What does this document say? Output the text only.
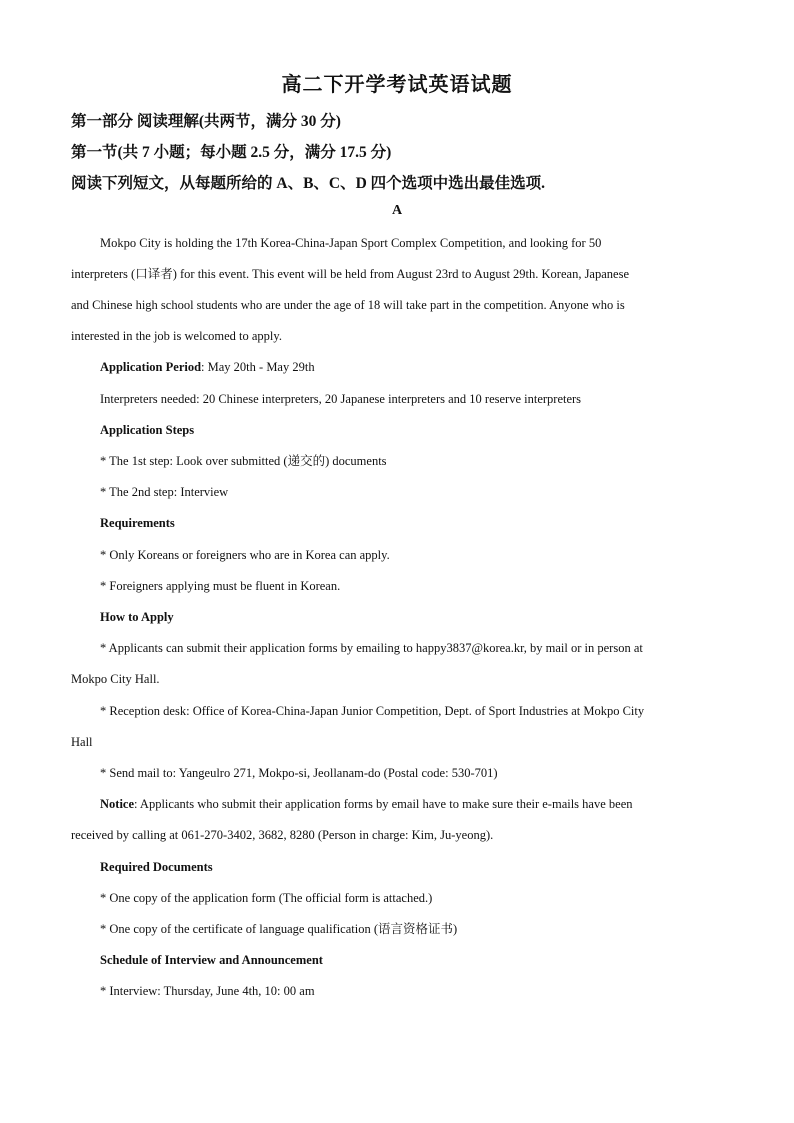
高二下开学考试英语试题
第一部分 阅读理解(共两节，满分 30 分)
第一节(共 7 小题；每小题 2.5 分，满分 17.5 分)
阅读下列短文，从每题所给的 A、B、C、D 四个选项中选出最佳选项.
A
Mokpo City is holding the 17th Korea-China-Japan Sport Complex Competition, and looking for 50
interpreters (口译者) for this event. This event will be held from August 23rd to August 29th. Korean, Japanese
and Chinese high school students who are under the age of 18 will take part in the competition. Anyone who is
interested in the job is welcomed to apply.
Application Period: May 20th - May 29th
Interpreters needed: 20 Chinese interpreters, 20 Japanese interpreters and 10 reserve interpreters
Application Steps
* The 1st step: Look over submitted (递交的) documents
* The 2nd step: Interview
Requirements
* Only Koreans or foreigners who are in Korea can apply.
* Foreigners applying must be fluent in Korean.
How to Apply
* Applicants can submit their application forms by emailing to happy3837@korea.kr, by mail or in person at
Mokpo City Hall.
* Reception desk: Office of Korea-China-Japan Junior Competition, Dept. of Sport Industries at Mokpo City
Hall
* Send mail to: Yangeulro 271, Mokpo-si, Jeollanam-do (Postal code: 530-701)
Notice: Applicants who submit their application forms by email have to make sure their e-mails have been
received by calling at 061-270-3402, 3682, 8280 (Person in charge: Kim, Ju-yeong).
Required Documents
* One copy of the application form (The official form is attached.)
* One copy of the certificate of language qualification (语言资格证书)
Schedule of Interview and Announcement
* Interview: Thursday, June 4th, 10: 00 am
